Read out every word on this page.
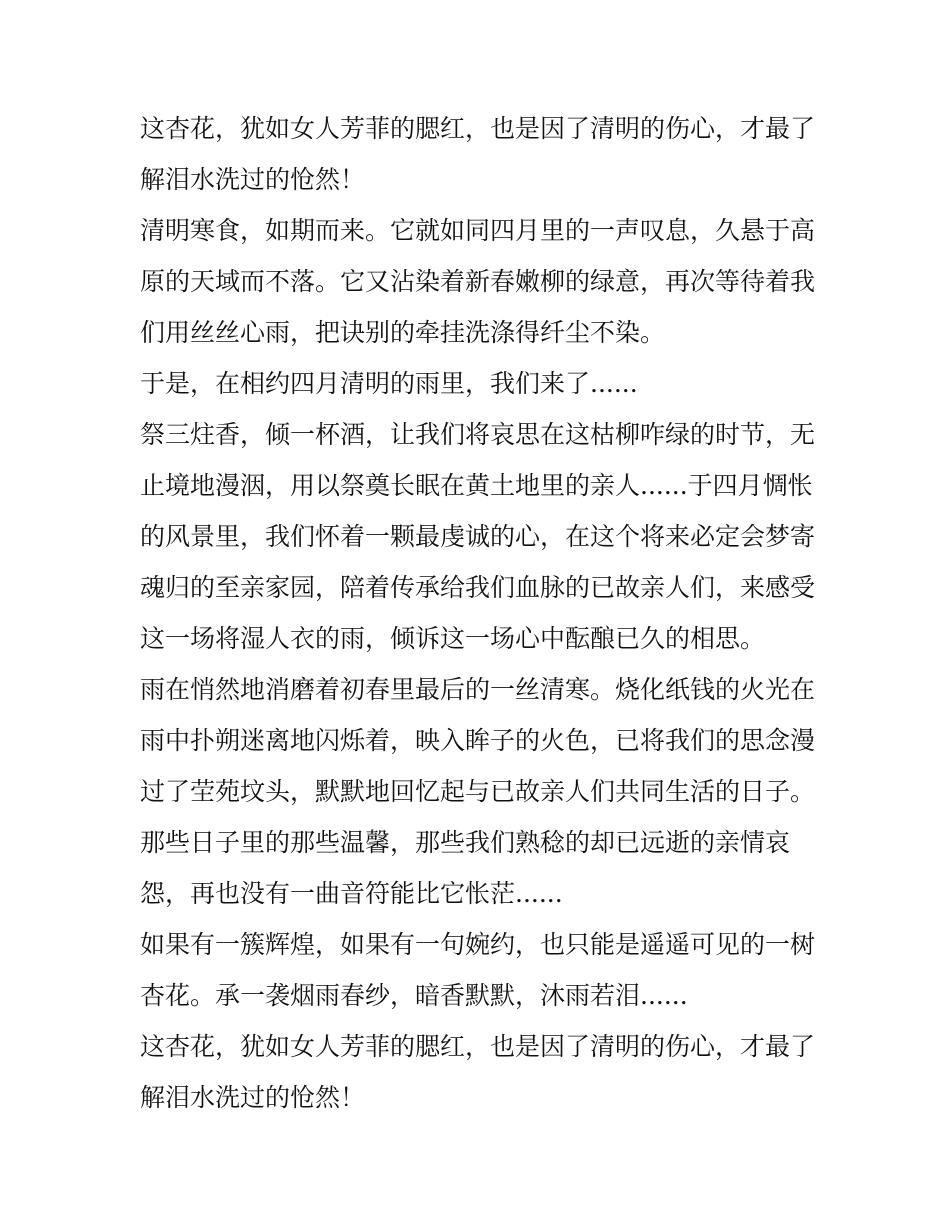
这杏花，犹如女人芳菲的腮红，也是因了清明的伤心，才最了
解泪水洗过的怆然！

清明寒食，如期而来。它就如同四月里的一声叹息，久悬于高
原的天域而不落。它又沾染着新春嫩柳的绿意，再次等待着我
们用丝丝心雨，把诀别的牵挂洗涤得纤尘不染。

于是，在相约四月清明的雨里，我们来了......

祭三炷香，倾一杯酒，让我们将哀思在这枯柳咋绿的时节，无
止境地漫洇，用以祭奠长眠在黄土地里的亲人......于四月惆怅
的风景里，我们怀着一颗最虔诚的心，在这个将来必定会梦寄
魂归的至亲家园，陪着传承给我们血脉的已故亲人们，来感受
这一场将湿人衣的雨，倾诉这一场心中酝酿已久的相思。

雨在悄然地消磨着初春里最后的一丝清寒。烧化纸钱的火光在
雨中扑朔迷离地闪烁着，映入眸子的火色，已将我们的思念漫
过了茔苑坟头，默默地回忆起与已故亲人们共同生活的日子。
那些日子里的那些温馨，那些我们熟稔的却已远逝的亲情哀
怨，再也没有一曲音符能比它怅茫......

如果有一簇辉煌，如果有一句婉约，也只能是遥遥可见的一树
杏花。承一袭烟雨春纱，暗香默默，沐雨若泪......

这杏花，犹如女人芳菲的腮红，也是因了清明的伤心，才最了
解泪水洗过的怆然！
